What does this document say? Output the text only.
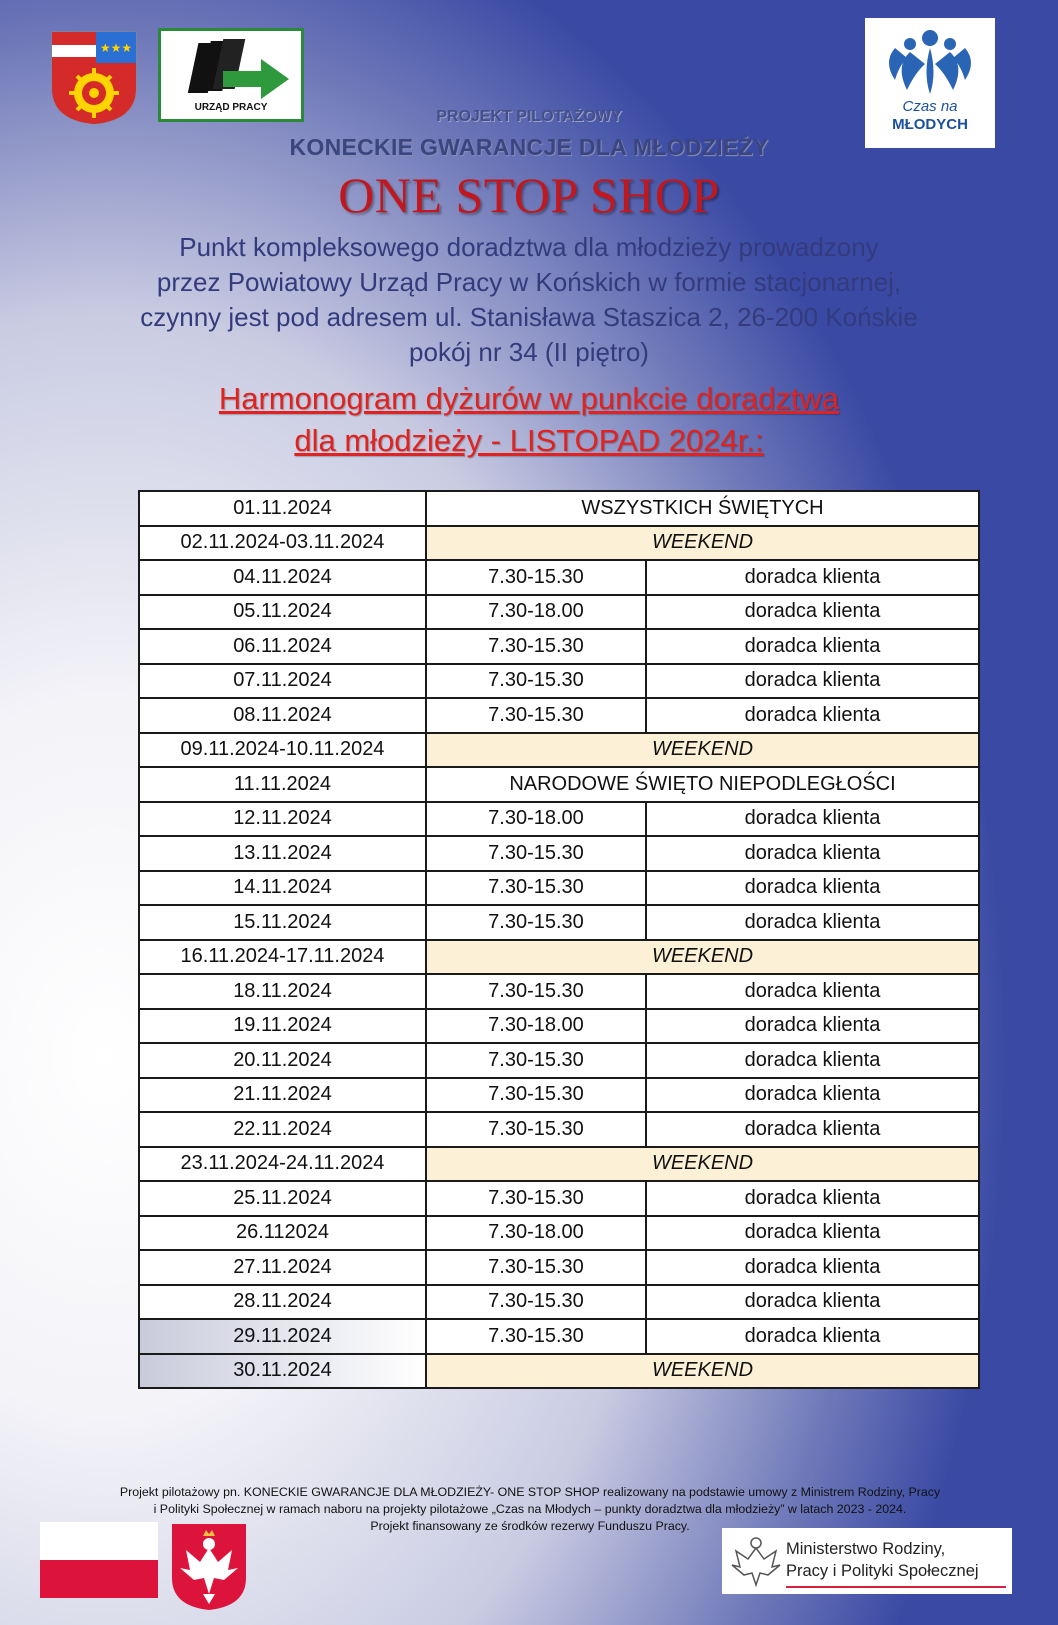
★★★
URZĄD PRACY	Czas na
MŁODYCH
PROJEKT PILOTAŻOWY
KONECKIE GWARANCJE DLA MŁODZIEŻY
ONE STOP SHOP
Punkt kompleksowego doradztwa dla młodzieży prowadzony
przez Powiatowy Urząd Pracy w Końskich w formie stacjonarnej,
czynny jest pod adresem ul. Stanisława Staszica 2, 26-200 Końskie
pokój nr 34 (II piętro)
Harmonogram dyżurów w punkcie doradztwa
dla młodzieży - LISTOPAD 2024r.:
01.11.2024	WSZYSTKICH ŚWIĘTYCH	
02.11.2024-03.11.2024	WEEKEND	
04.11.2024	7.30-15.30	doradca klienta
05.11.2024	7.30-18.00	doradca klienta
06.11.2024	7.30-15.30	doradca klienta
07.11.2024	7.30-15.30	doradca klienta
08.11.2024	7.30-15.30	doradca klienta
09.11.2024-10.11.2024	WEEKEND	
11.11.2024	NARODOWE ŚWIĘTO NIEPODLEGŁOŚCI	
12.11.2024	7.30-18.00	doradca klienta
13.11.2024	7.30-15.30	doradca klienta
14.11.2024	7.30-15.30	doradca klienta
15.11.2024	7.30-15.30	doradca klienta
16.11.2024-17.11.2024	WEEKEND	
18.11.2024	7.30-15.30	doradca klienta
19.11.2024	7.30-18.00	doradca klienta
20.11.2024	7.30-15.30	doradca klienta
21.11.2024	7.30-15.30	doradca klienta
22.11.2024	7.30-15.30	doradca klienta
23.11.2024-24.11.2024	WEEKEND	
25.11.2024	7.30-15.30	doradca klienta
26.112024	7.30-18.00	doradca klienta
27.11.2024	7.30-15.30	doradca klienta
28.11.2024	7.30-15.30	doradca klienta
29.11.2024	7.30-15.30	doradca klienta
30.11.2024	WEEKEND	
Projekt pilotażowy pn. KONECKIE GWARANCJE DLA MŁODZIEŻY- ONE STOP SHOP realizowany na podstawie umowy z Ministrem Rodziny, Pracy
i Polityki Społecznej w ramach naboru na projekty pilotażowe „Czas na Młodych – punkty doradztwa dla młodzieży” w latach 2023 - 2024.
Projekt finansowany ze środków rezerwy Funduszu Pracy.
Ministerstwo Rodziny,
Pracy i Polityki Społecznej
